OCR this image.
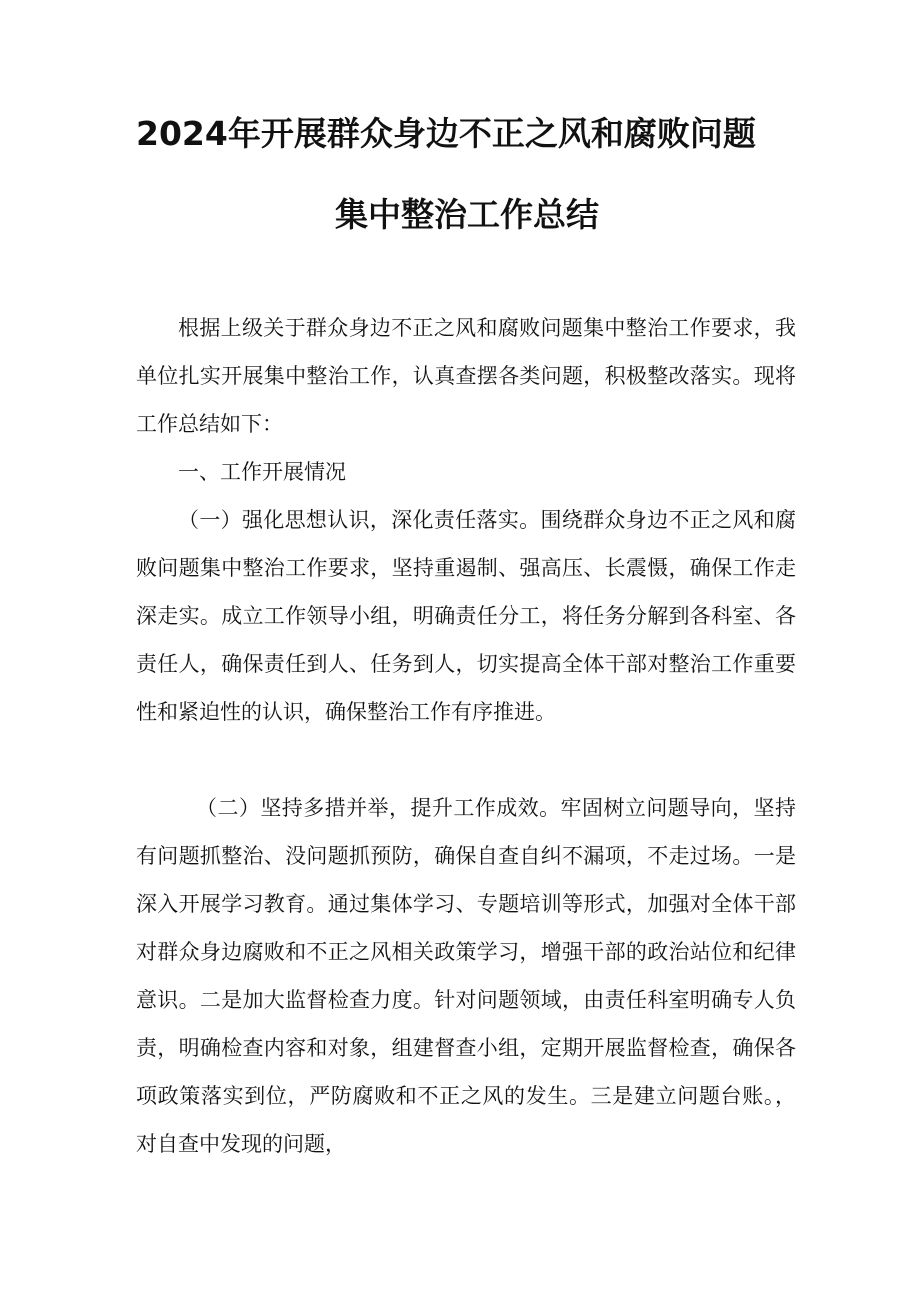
2024年开展群众身边不正之风和腐败问题
集中整治工作总结

根据上级关于群众身边不正之风和腐败问题集中整治工作要求，我单位扎实开展集中整治工作，认真查摆各类问题，积极整改落实。现将工作总结如下：

一、工作开展情况

（一）强化思想认识，深化责任落实。围绕群众身边不正之风和腐败问题集中整治工作要求，坚持重遏制、强高压、长震慑，确保工作走深走实。成立工作领导小组，明确责任分工，将任务分解到各科室、各责任人，确保责任到人、任务到人，切实提高全体干部对整治工作重要性和紧迫性的认识，确保整治工作有序推进。

（二）坚持多措并举，提升工作成效。牢固树立问题导向，坚持有问题抓整治、没问题抓预防，确保自查自纠不漏项，不走过场。一是深入开展学习教育。通过集体学习、专题培训等形式，加强对全体干部对群众身边腐败和不正之风相关政策学习，增强干部的政治站位和纪律意识。二是加大监督检查力度。针对问题领域，由责任科室明确专人负责，明确检查内容和对象，组建督查小组，定期开展监督检查，确保各项政策落实到位，严防腐败和不正之风的发生。三是建立问题台账。，对自查中发现的问题，
